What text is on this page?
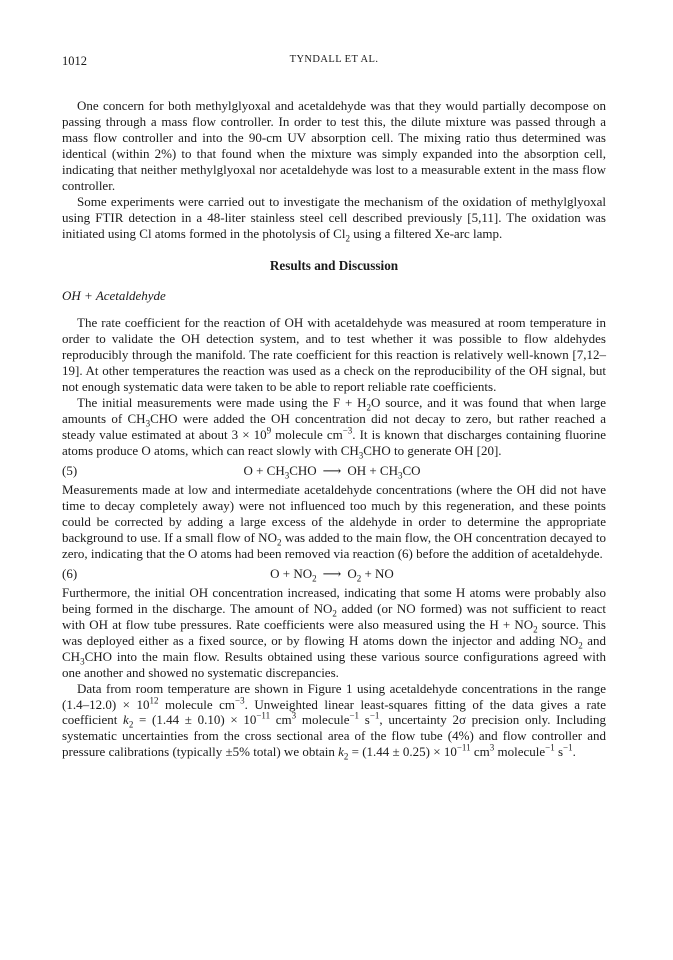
1012	TYNDALL ET AL.

One concern for both methylglyoxal and acetaldehyde was that they would partially decompose on passing through a mass flow controller. In order to test this, the dilute mixture was passed through a mass flow controller and into the 90-cm UV absorption cell. The mixing ratio thus determined was identical (within 2%) to that found when the mixture was simply expanded into the absorption cell, indicating that neither methylglyoxal nor acetaldehyde was lost to a measurable extent in the mass flow controller.

Some experiments were carried out to investigate the mechanism of the oxidation of methylglyoxal using FTIR detection in a 48-liter stainless steel cell described previously [5,11]. The oxidation was initiated using Cl atoms formed in the photolysis of $Cl_2$ using a filtered Xe-arc lamp.

Results and Discussion
OH + Acetaldehyde

The rate coefficient for the reaction of OH with acetaldehyde was measured at room temperature in order to validate the OH detection system, and to test whether it was possible to flow aldehydes reproducibly through the manifold. The rate coefficient for this reaction is relatively well-known [7,12–19]. At other temperatures the reaction was used as a check on the reproducibility of the OH signal, but not enough systematic data were taken to be able to report reliable rate coefficients.

The initial measurements were made using the $F + H_2O$ source, and it was found that when large amounts of $CH_3CHO$ were added the OH concentration did not decay to zero, but rather reached a steady value estimated at about $3 \times 10^9$ molecule $cm^{-3}$. It is known that discharges containing fluorine atoms produce O atoms, which can react slowly with $CH_3CHO$ to generate OH [20].

(5)	$O + CH_3CHO$ ⟶ OH + $CH_3CO$

Measurements made at low and intermediate acetaldehyde concentrations (where the OH did not have time to decay completely away) were not influenced too much by this regeneration, and these points could be corrected by adding a large excess of the aldehyde in order to determine the appropriate background to use. If a small flow of $NO_2$ was added to the main flow, the OH concentration decayed to zero, indicating that the O atoms had been removed via reaction (6) before the addition of acetaldehyde.

(6)	$O + NO_2$ ⟶ $O_2$ + NO

Furthermore, the initial OH concentration increased, indicating that some H atoms were probably also being formed in the discharge. The amount of $NO_2$ added (or NO formed) was not sufficient to react with OH at flow tube pressures. Rate coefficients were also measured using the $H + NO_2$ source. This was deployed either as a fixed source, or by flowing H atoms down the injector and adding $NO_2$ and $CH_3CHO$ into the main flow. Results obtained using these various source configurations agreed with one another and showed no systematic discrepancies.

Data from room temperature are shown in Figure 1 using acetaldehyde concentrations in the range $(1.4-12.0) \times 10^{12}$ molecule $cm^{-3}$. Unweighted linear least-squares fitting of the data gives a rate coefficient $k_2 = (1.44 \pm 0.10) \times 10^{-11}$ $cm^3$ molecule$^{-1}$ $s^{-1}$, uncertainty 2σ precision only. Including systematic uncertainties from the cross sectional area of the flow tube (4%) and flow controller and pressure calibrations (typically ±5% total) we obtain $k_2 = (1.44 \pm 0.25) \times 10^{-11}$ $cm^3$ molecule$^{-1}$ $s^{-1}$.
